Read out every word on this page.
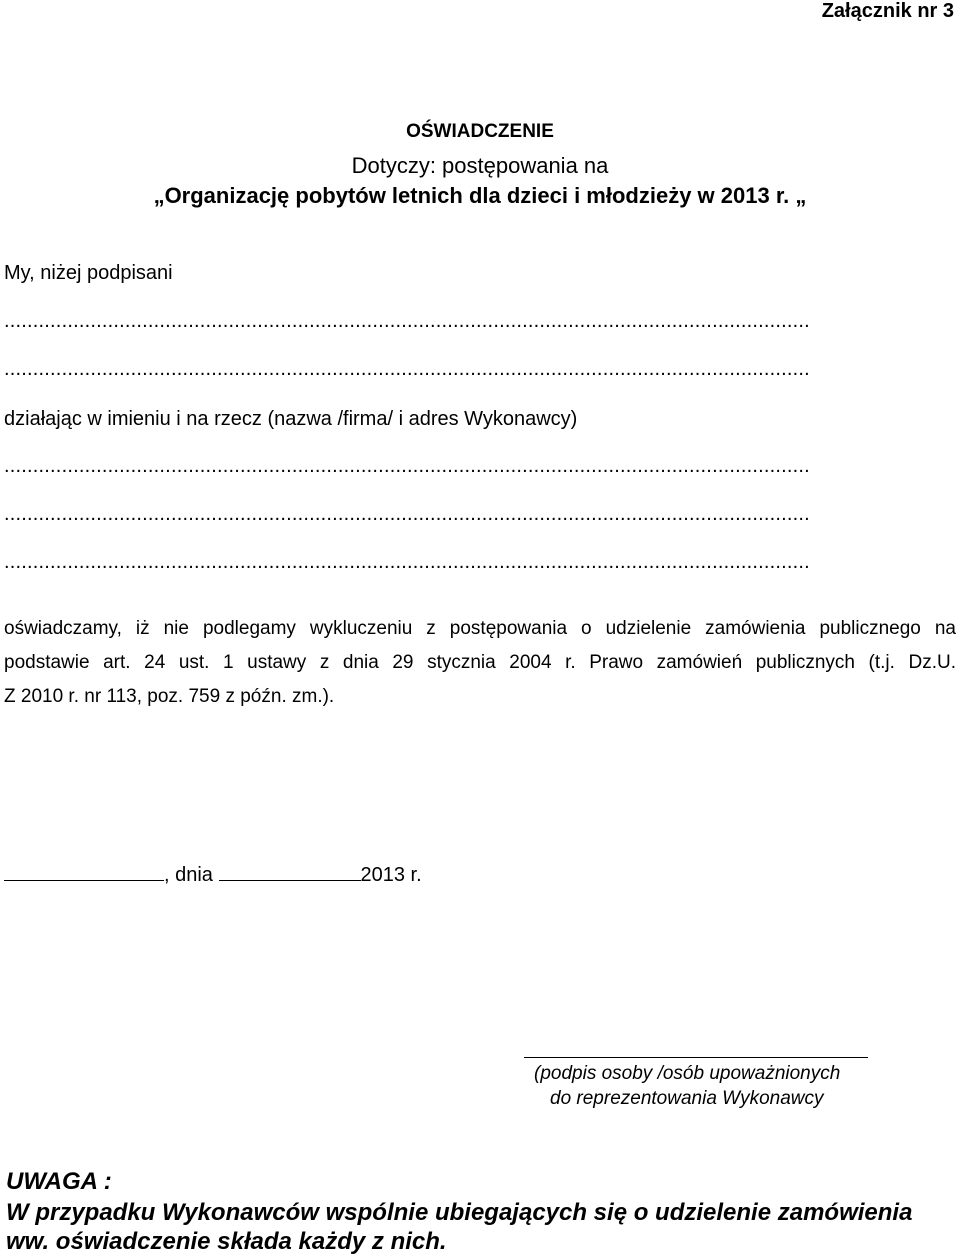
Załącznik nr 3
OŚWIADCZENIE
Dotyczy: postępowania na
„Organizację pobytów letnich dla dzieci i młodzieży w 2013 r. „
My, niżej podpisani
............................................................................................................................................
............................................................................................................................................
działając w imieniu i na rzecz (nazwa /firma/ i adres Wykonawcy)
............................................................................................................................................
............................................................................................................................................
............................................................................................................................................
oświadczamy, iż nie podlegamy wykluczeniu z postępowania o udzielenie zamówienia publicznego na
podstawie art. 24 ust. 1 ustawy z dnia 29 stycznia 2004 r. Prawo zamówień publicznych (t.j. Dz.U.
Z 2010 r. nr 113, poz. 759 z późn. zm.).
, dnia	2013 r.
(podpis osoby /osób upoważnionych
do reprezentowania Wykonawcy
UWAGA :
W przypadku Wykonawców wspólnie ubiegających się o udzielenie zamówienia
ww. oświadczenie składa każdy z nich.
